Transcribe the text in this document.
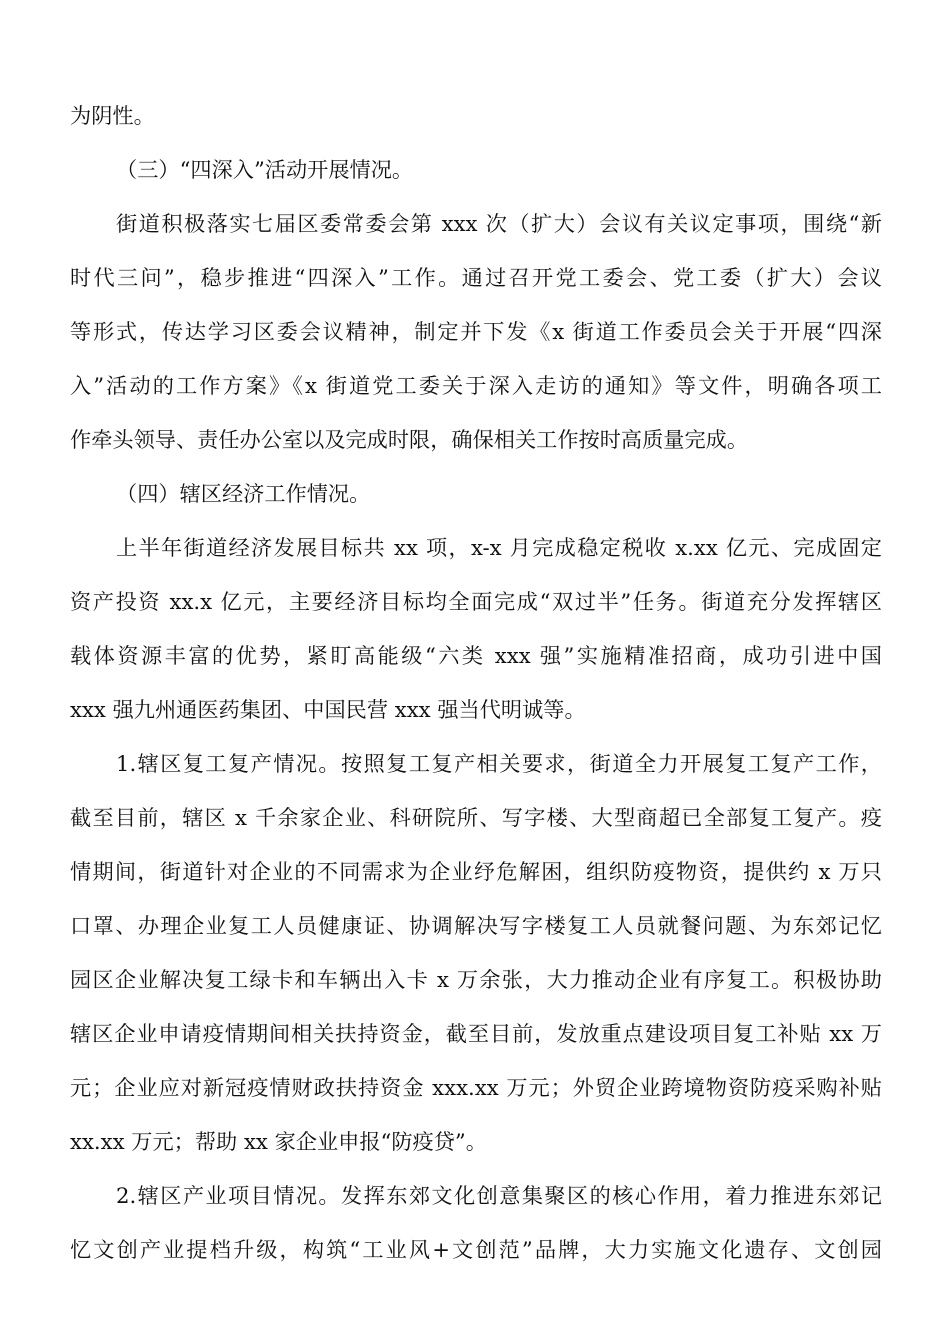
为阴性。
（三）“四深入”活动开展情况。
街道积极落实七届区委常委会第 xxx 次（扩大）会议有关议定事项，围绕“新
时代三问”，稳步推进“四深入”工作。通过召开党工委会、党工委（扩大）会议
等形式，传达学习区委会议精神，制定并下发《x 街道工作委员会关于开展“四深
入”活动的工作方案》《x 街道党工委关于深入走访的通知》等文件，明确各项工
作牵头领导、责任办公室以及完成时限，确保相关工作按时高质量完成。
（四）辖区经济工作情况。
上半年街道经济发展目标共 xx 项，x-x 月完成稳定税收 x.xx 亿元、完成固定
资产投资 xx.x 亿元，主要经济目标均全面完成“双过半”任务。街道充分发挥辖区
载体资源丰富的优势，紧盯高能级“六类 xxx 强”实施精准招商，成功引进中国
xxx 强九州通医药集团、中国民营 xxx 强当代明诚等。
1.辖区复工复产情况。按照复工复产相关要求，街道全力开展复工复产工作，
截至目前，辖区 x 千余家企业、科研院所、写字楼、大型商超已全部复工复产。疫
情期间，街道针对企业的不同需求为企业纾危解困，组织防疫物资，提供约 x 万只
口罩、办理企业复工人员健康证、协调解决写字楼复工人员就餐问题、为东郊记忆
园区企业解决复工绿卡和车辆出入卡 x 万余张，大力推动企业有序复工。积极协助
辖区企业申请疫情期间相关扶持资金，截至目前，发放重点建设项目复工补贴 xx 万
元；企业应对新冠疫情财政扶持资金 xxx.xx 万元；外贸企业跨境物资防疫采购补贴
xx.xx 万元；帮助 xx 家企业申报“防疫贷”。
2.辖区产业项目情况。发挥东郊文化创意集聚区的核心作用，着力推进东郊记
忆文创产业提档升级，构筑“工业风+文创范”品牌，大力实施文化遗存、文创园
